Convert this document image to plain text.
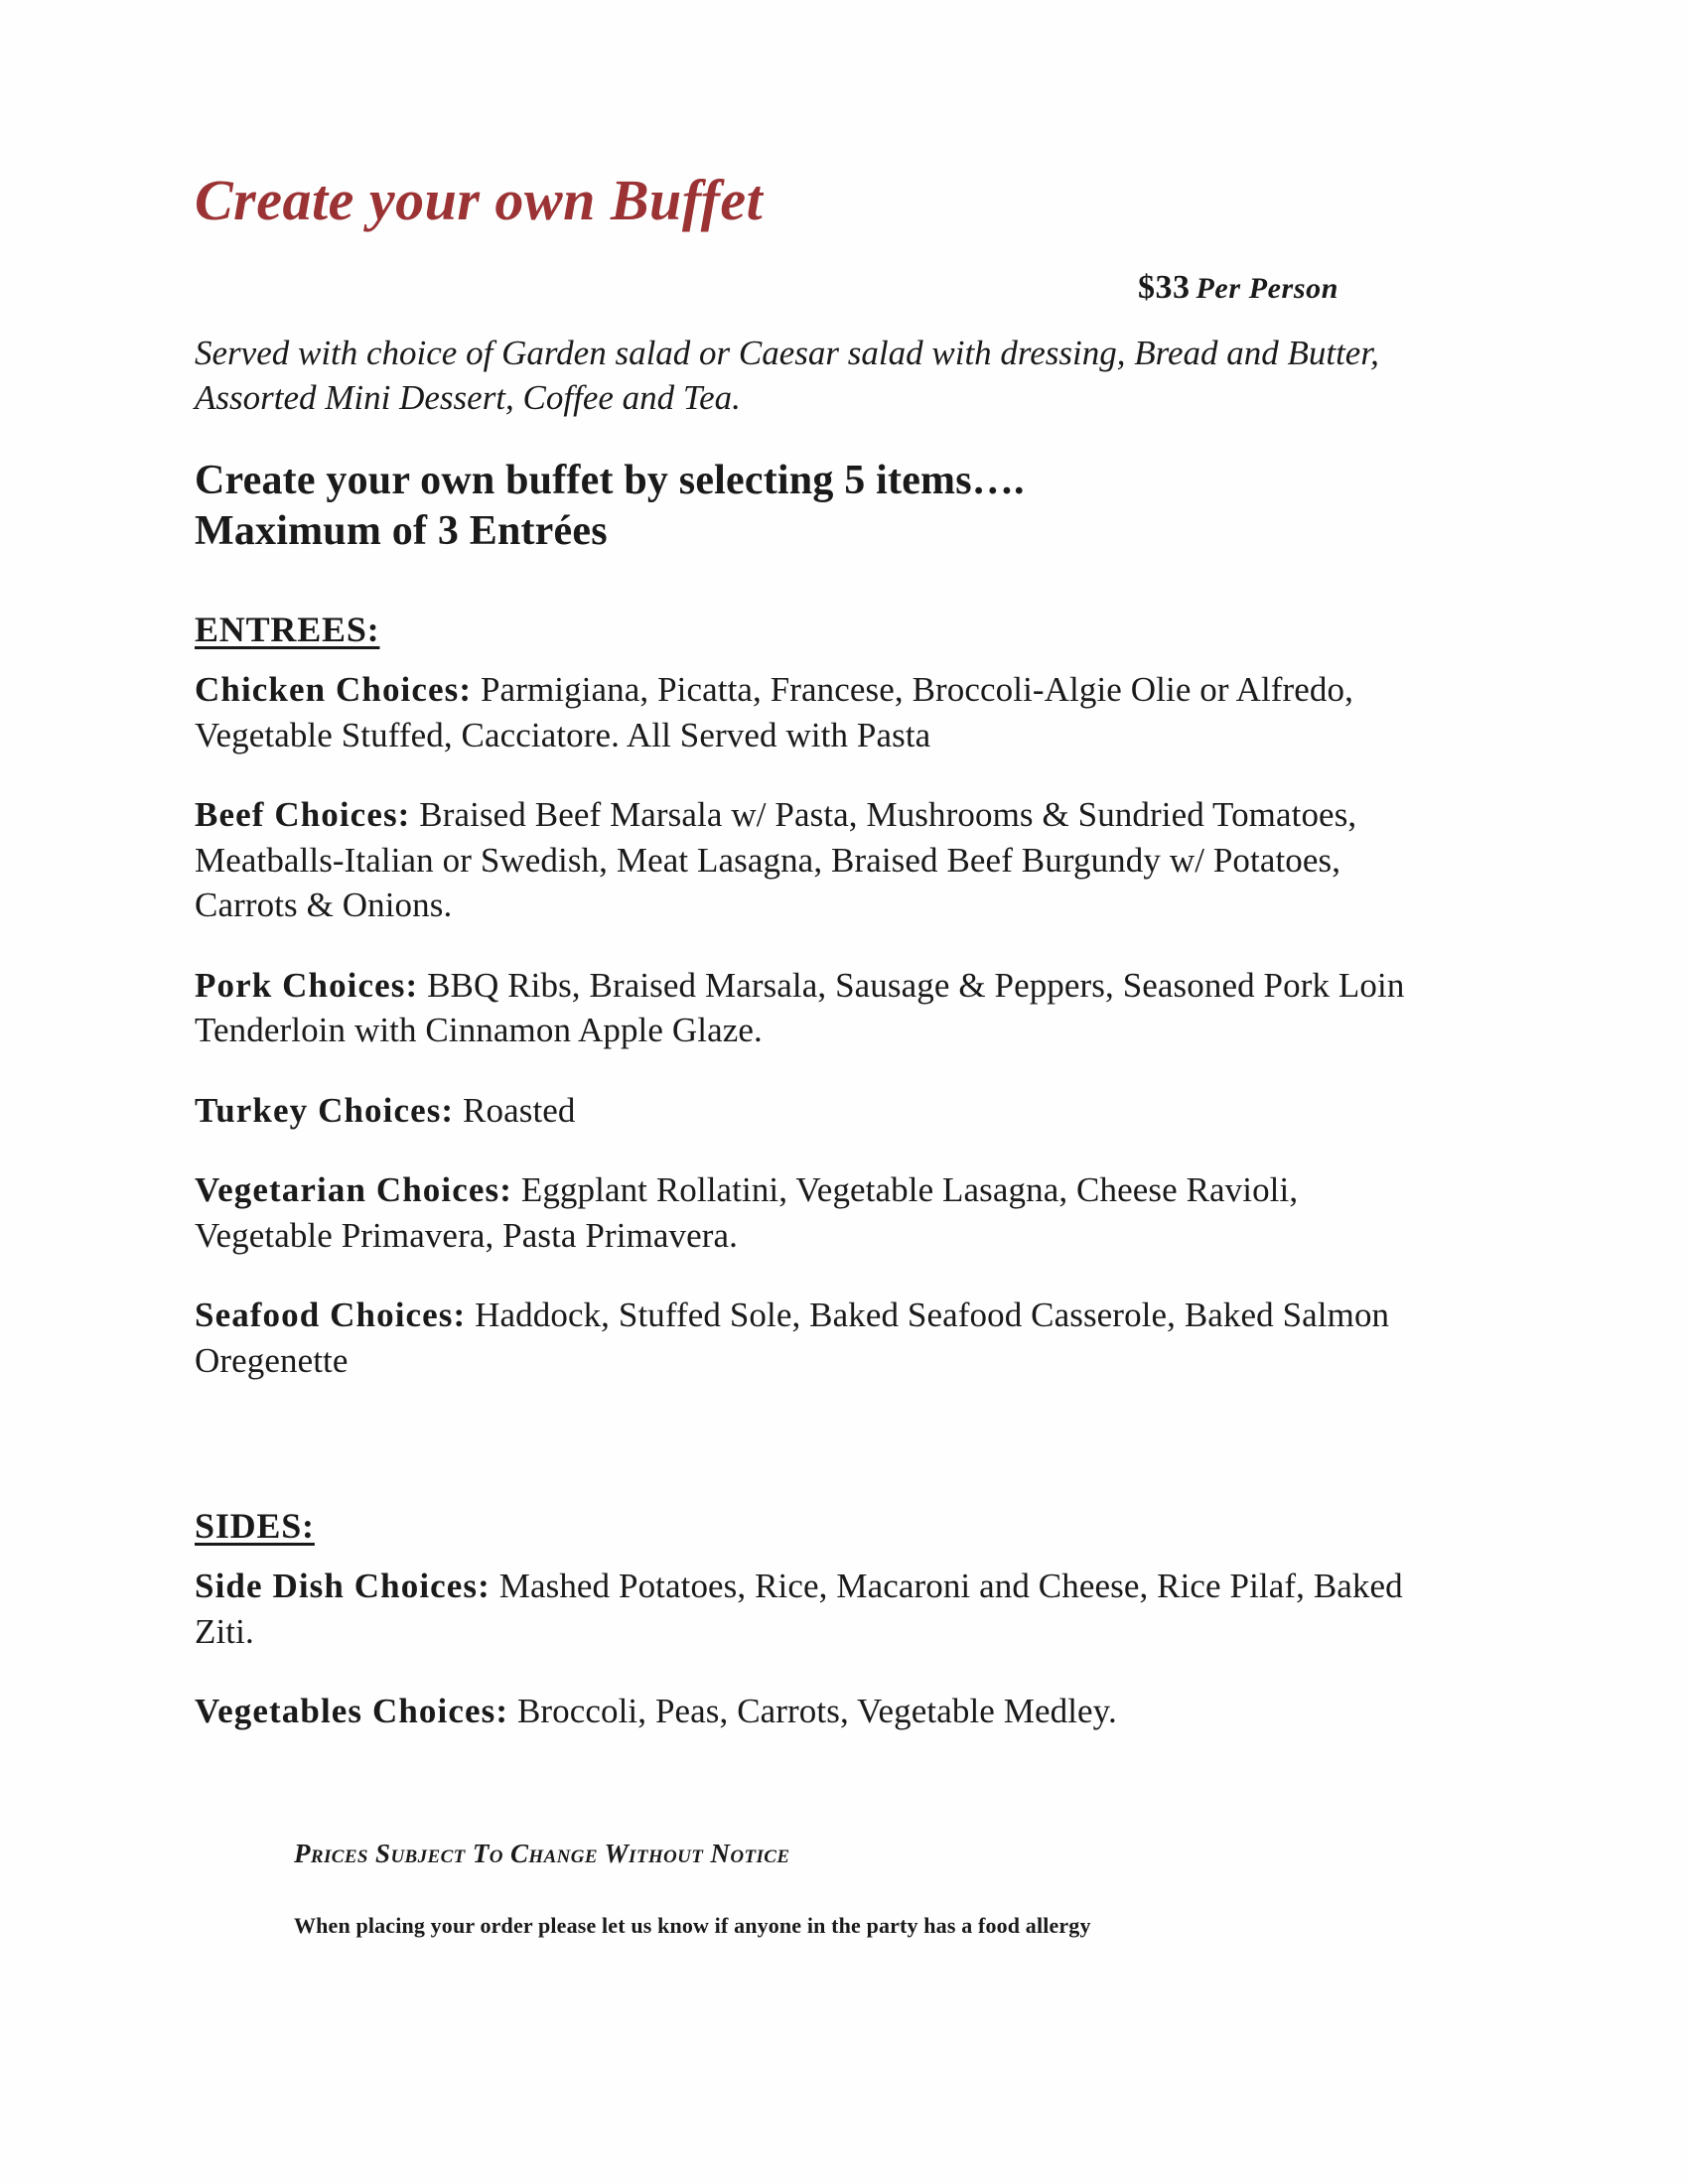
Create your own Buffet
$33 Per Person

Served with choice of Garden salad or Caesar salad with dressing, Bread and Butter, Assorted Mini Dessert, Coffee and Tea.

Create your own buffet by selecting 5 items….
Maximum of 3 Entrées
ENTREES:

Chicken Choices: Parmigiana, Picatta, Francese, Broccoli-Algie Olie or Alfredo, Vegetable Stuffed, Cacciatore. All Served with Pasta

Beef Choices: Braised Beef Marsala w/ Pasta, Mushrooms & Sundried Tomatoes, Meatballs-Italian or Swedish, Meat Lasagna, Braised Beef Burgundy w/ Potatoes, Carrots & Onions.

Pork Choices: BBQ Ribs, Braised Marsala, Sausage & Peppers, Seasoned Pork Loin Tenderloin with Cinnamon Apple Glaze.

Turkey Choices: Roasted

Vegetarian Choices: Eggplant Rollatini, Vegetable Lasagna, Cheese Ravioli, Vegetable Primavera, Pasta Primavera.

Seafood Choices: Haddock, Stuffed Sole, Baked Seafood Casserole, Baked Salmon Oregenette

SIDES:

Side Dish Choices: Mashed Potatoes, Rice, Macaroni and Cheese, Rice Pilaf, Baked Ziti.

Vegetables Choices: Broccoli, Peas, Carrots, Vegetable Medley.

Prices Subject To Change Without Notice
When placing your order please let us know if anyone in the party has a food allergy
